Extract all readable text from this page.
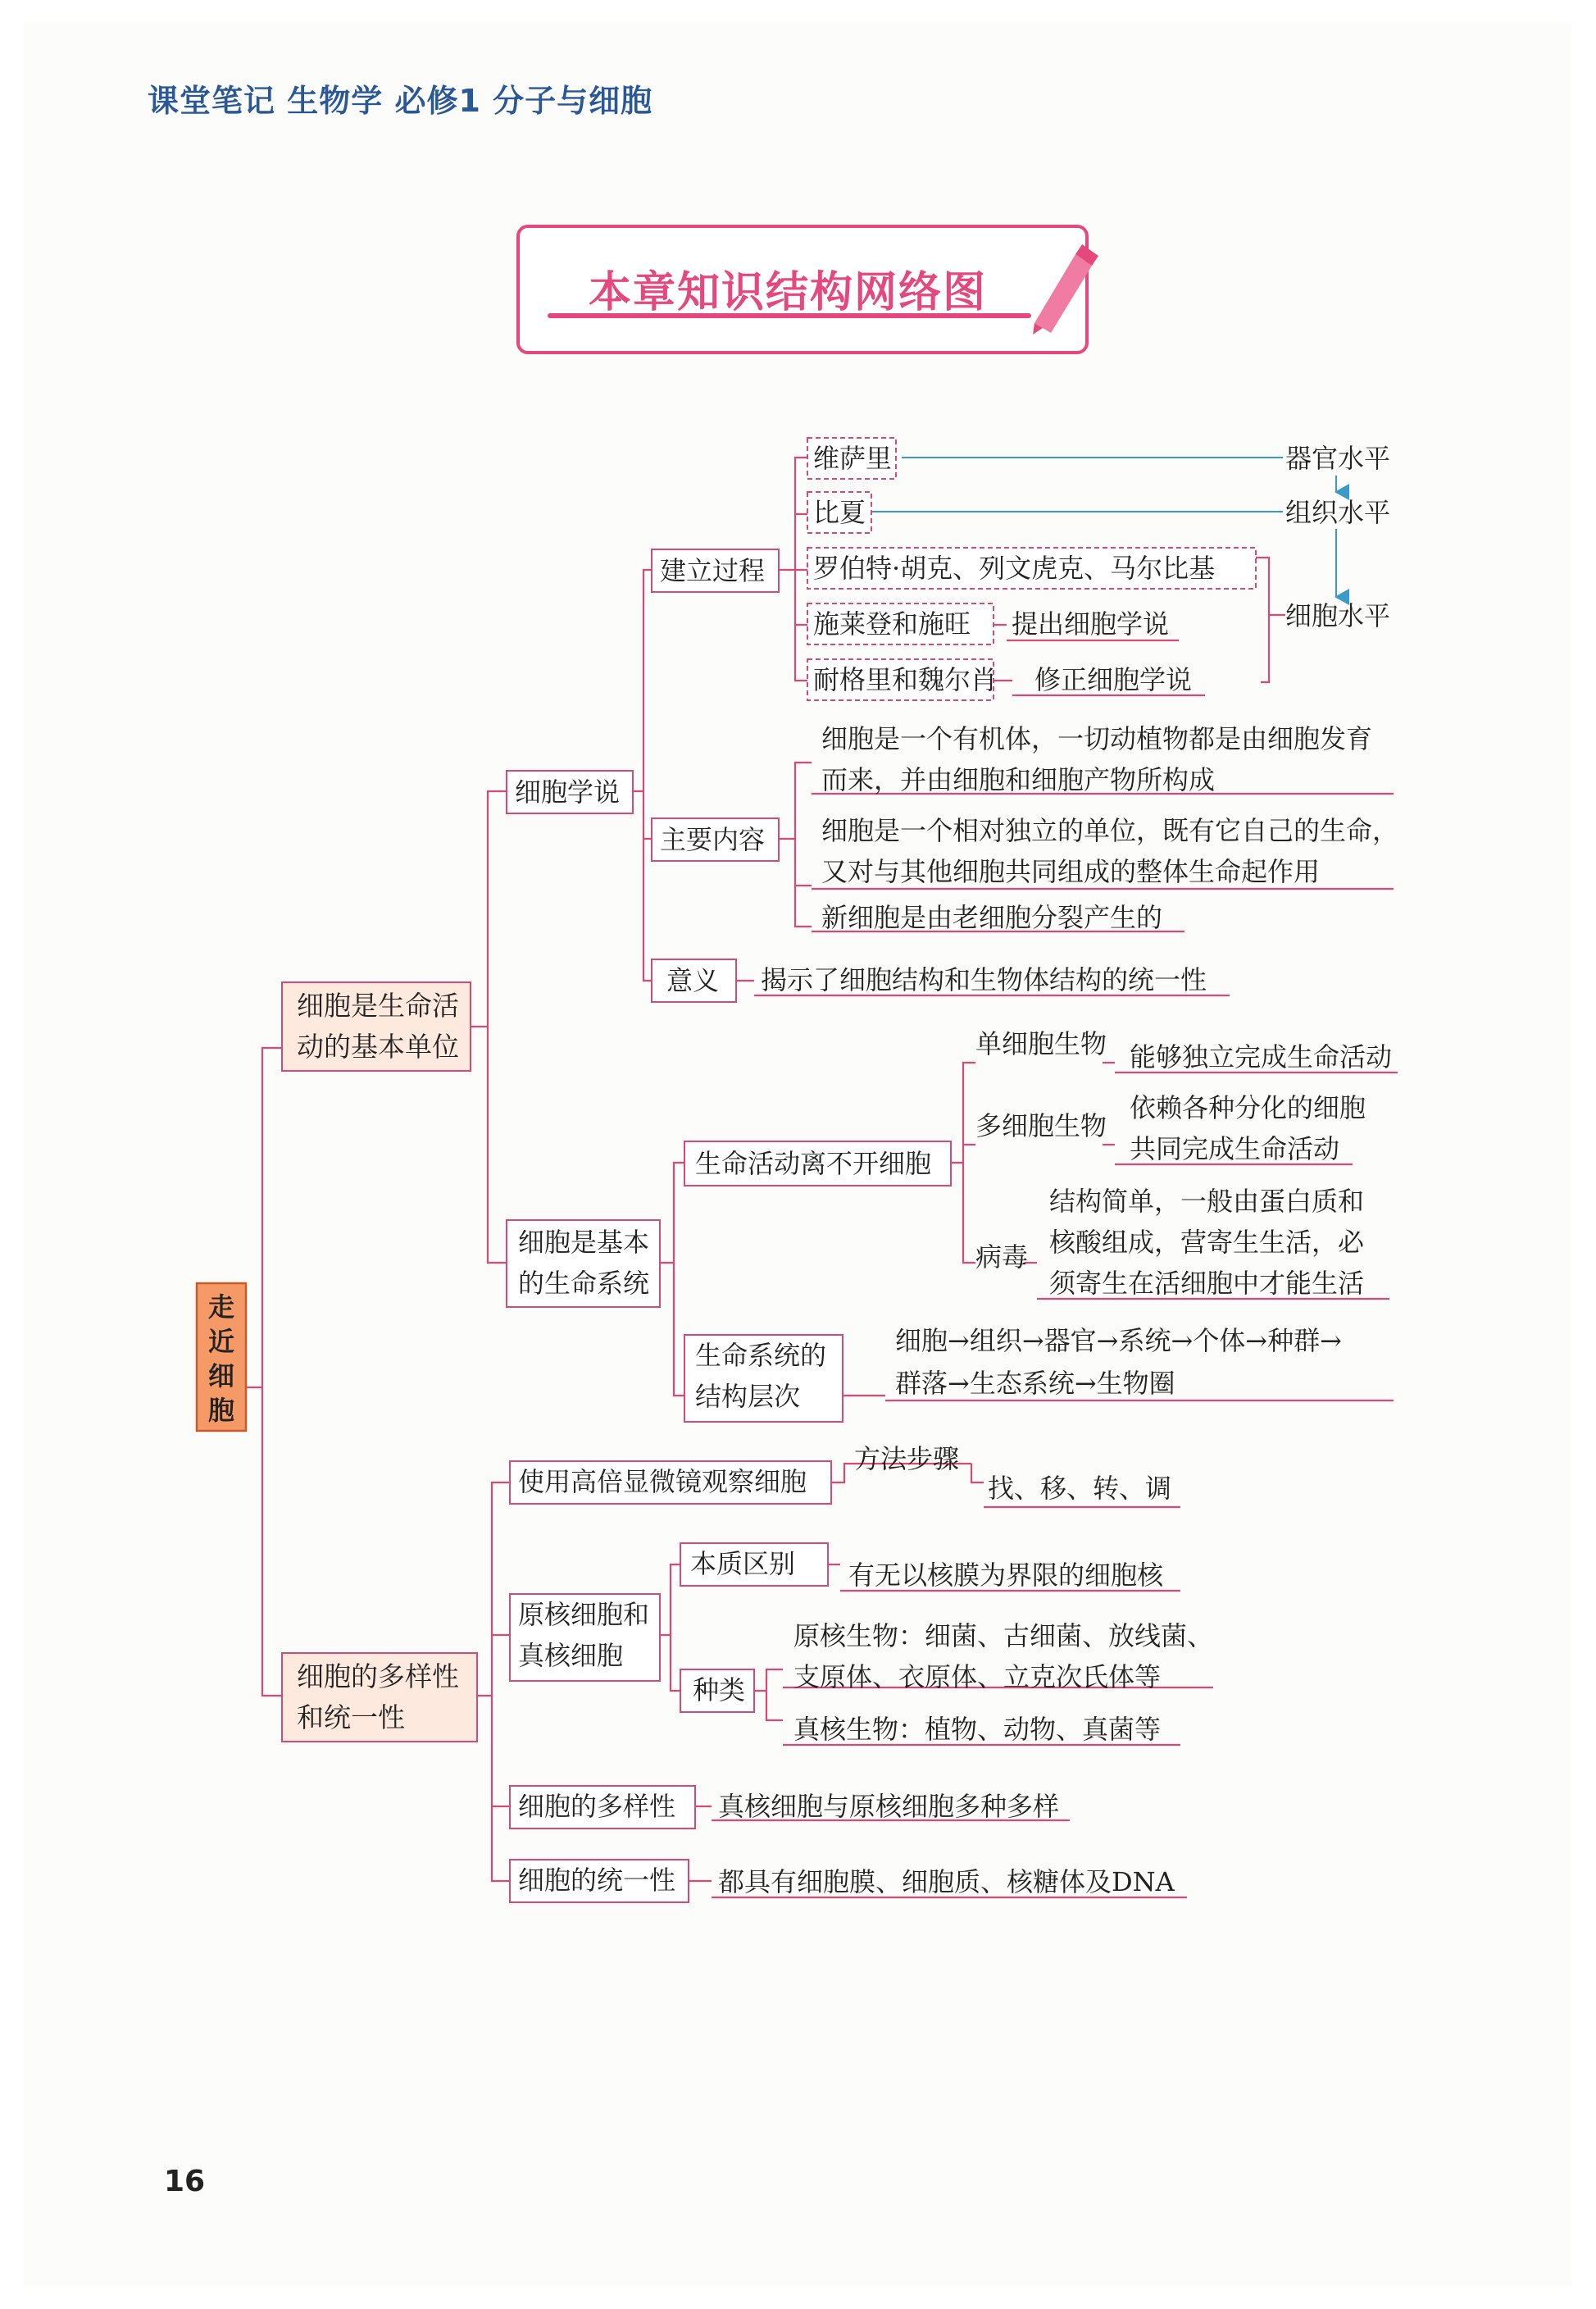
课堂笔记 生物学 必修1 分子与细胞
本章知识结构网络图
走
近
细
胞
细胞是生命活
动的基本单位
细胞的多样性
和统一性
细胞学说
建立过程
主要内容
意义
维萨里
比夏
罗伯特·胡克、列文虎克、马尔比基
施莱登和施旺
耐格里和魏尔肖
提出细胞学说
修正细胞学说
器官水平
组织水平
细胞水平
细胞是一个有机体，一切动植物都是由细胞发育
而来，并由细胞和细胞产物所构成
细胞是一个相对独立的单位，既有它自己的生命，
又对与其他细胞共同组成的整体生命起作用
新细胞是由老细胞分裂产生的
揭示了细胞结构和生物体结构的统一性
细胞是基本
的生命系统
生命活动离不开细胞
生命系统的
结构层次
细胞→组织→器官→系统→个体→种群→
群落→生态系统→生物圈
单细胞生物 能够独立完成生命活动
多细胞生物
依赖各种分化的细胞
共同完成生命活动
病毒
结构简单，一般由蛋白质和
核酸组成，营寄生生活，必
须寄生在活细胞中才能生活
使用高倍显微镜观察细胞
方法步骤
找、移、转、调
原核细胞和
真核细胞
本质区别 有无以核膜为界限的细胞核
种类
原核生物：细菌、古细菌、放线菌、
支原体、衣原体、立克次氏体等
真核生物：植物、动物、真菌等
细胞的多样性 真核细胞与原核细胞多种多样
细胞的统一性 都具有细胞膜、细胞质、核糖体及DNA
16
